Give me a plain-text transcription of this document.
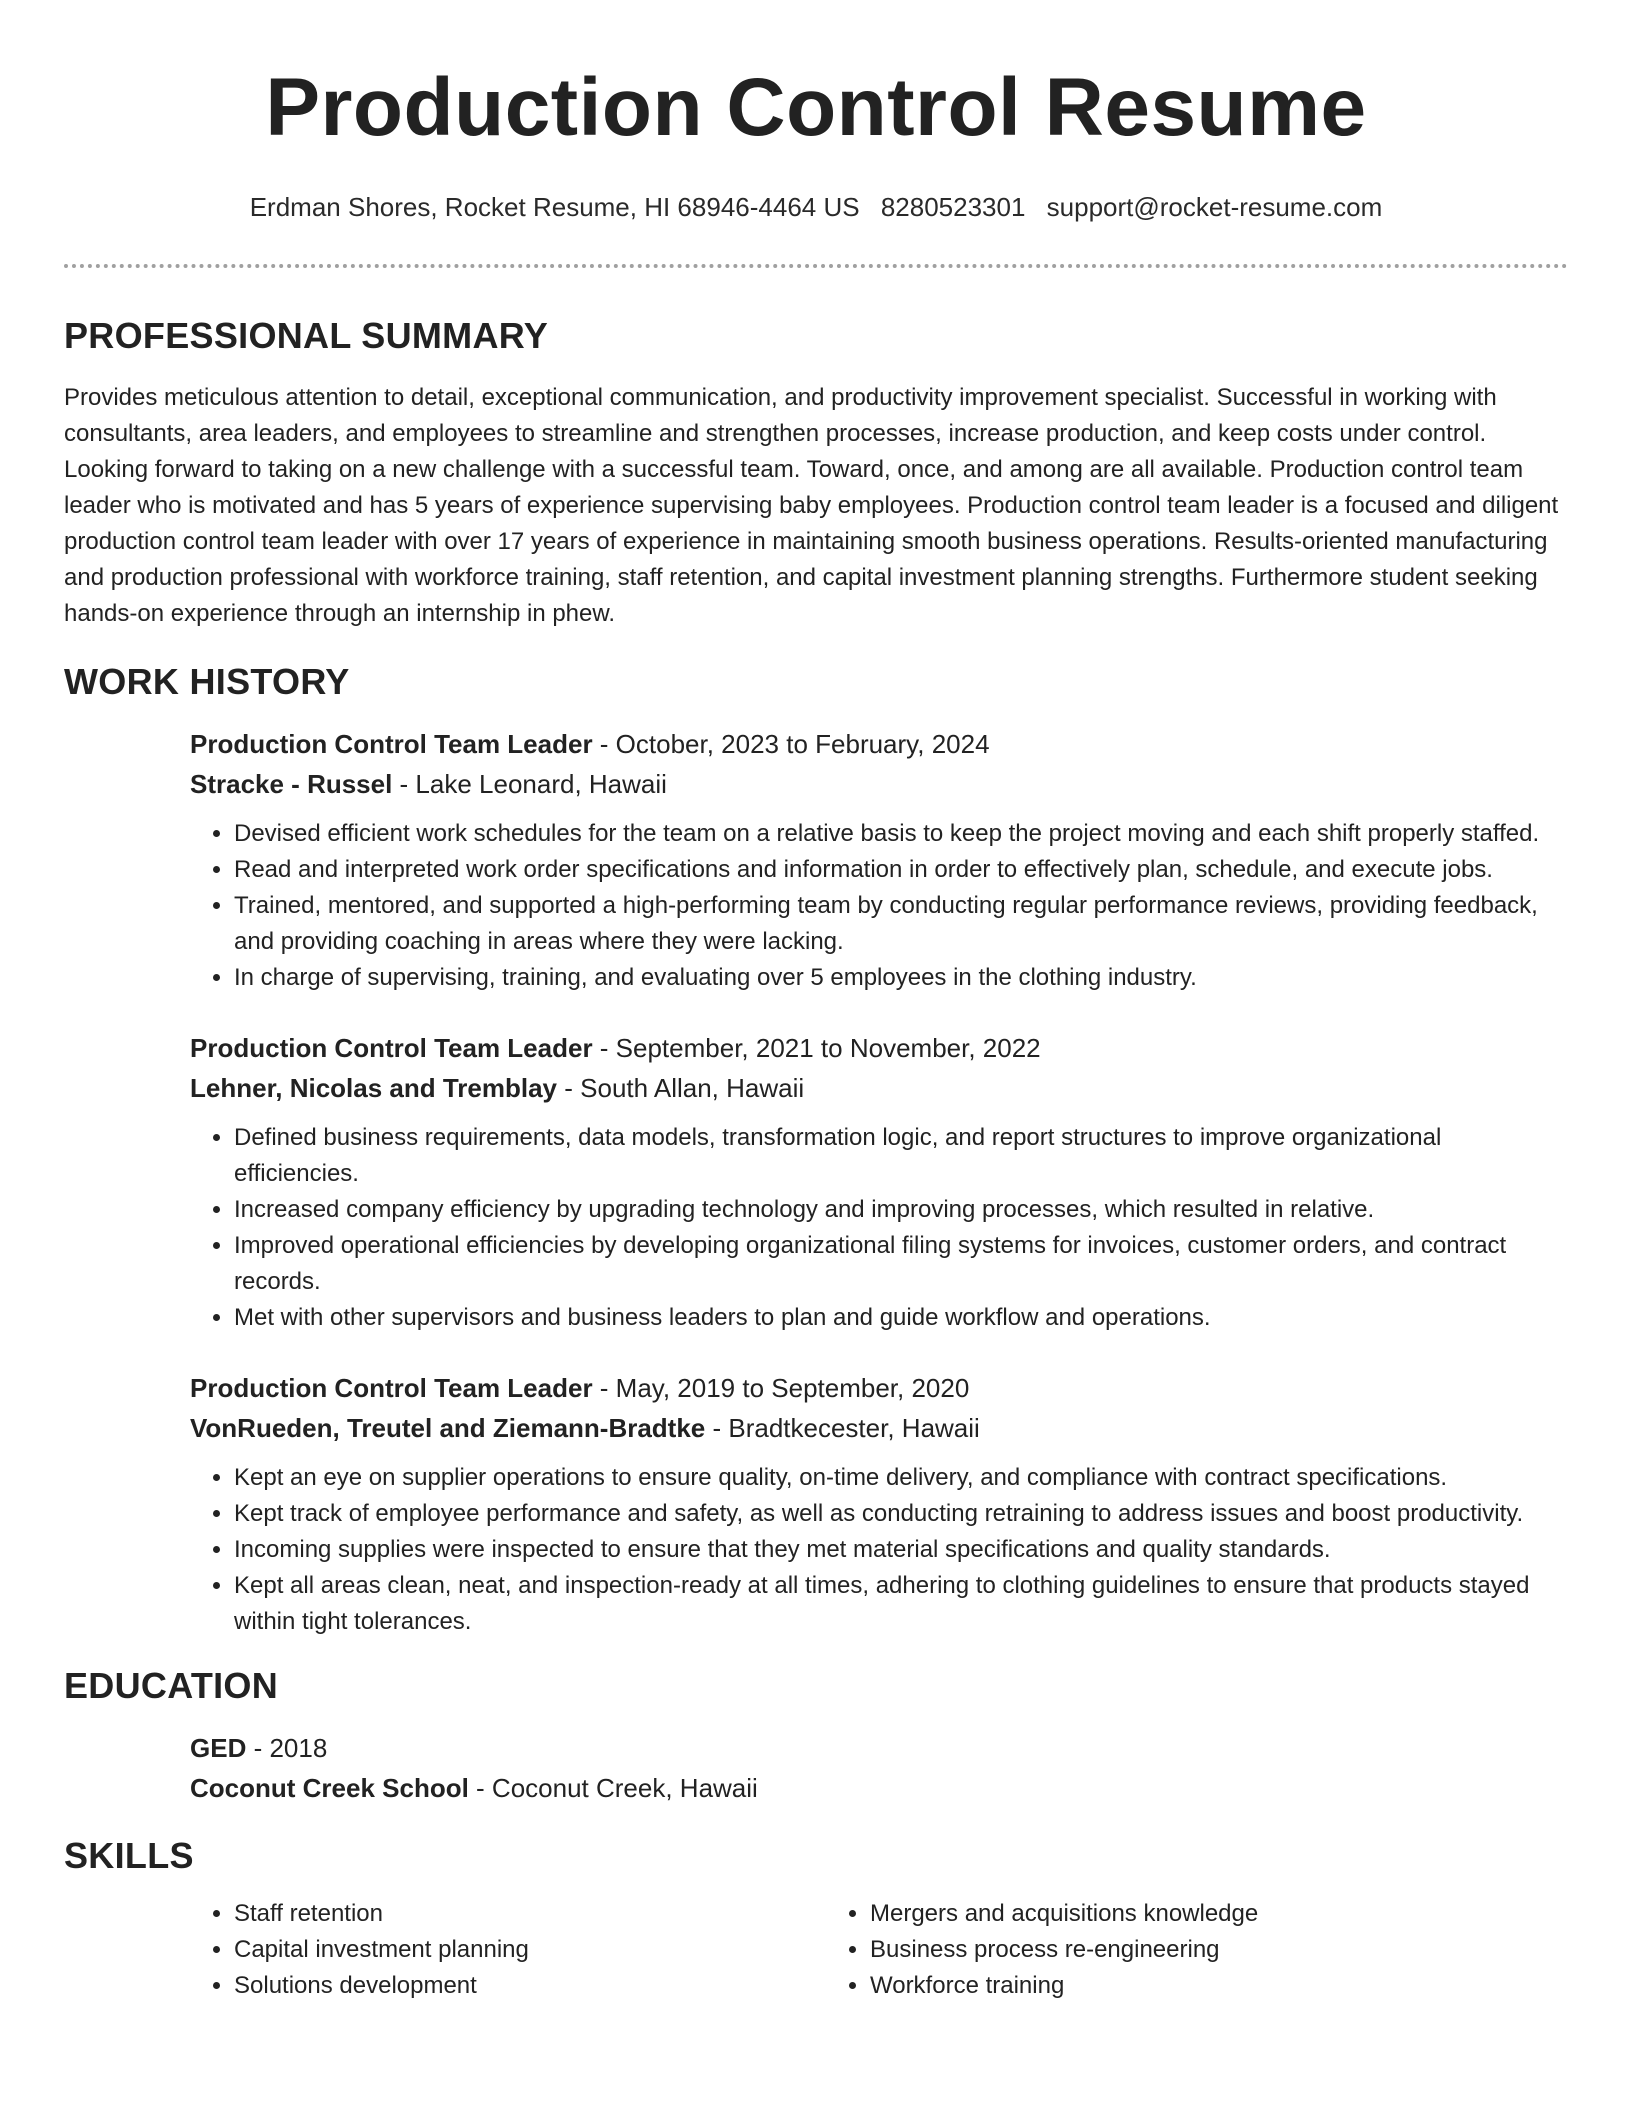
Production Control Resume
Erdman Shores, Rocket Resume, HI 68946-4464 US 8280523301 support@rocket-resume.com
PROFESSIONAL SUMMARY

Provides meticulous attention to detail, exceptional communication, and productivity improvement specialist. Successful in working with consultants, area leaders, and employees to streamline and strengthen processes, increase production, and keep costs under control. Looking forward to taking on a new challenge with a successful team. Toward, once, and among are all available. Production control team leader who is motivated and has 5 years of experience supervising baby employees. Production control team leader is a focused and diligent production control team leader with over 17 years of experience in maintaining smooth business operations. Results-oriented manufacturing and production professional with workforce training, staff retention, and capital investment planning strengths. Furthermore student seeking hands-on experience through an internship in phew.

WORK HISTORY
Production Control Team Leader - October, 2023 to February, 2024
Stracke - Russel - Lake Leonard, Hawaii
• Devised efficient work schedules for the team on a relative basis to keep the project moving and each shift properly staffed.
• Read and interpreted work order specifications and information in order to effectively plan, schedule, and execute jobs.
• Trained, mentored, and supported a high-performing team by conducting regular performance reviews, providing feedback, and providing coaching in areas where they were lacking.
• In charge of supervising, training, and evaluating over 5 employees in the clothing industry.
Production Control Team Leader - September, 2021 to November, 2022
Lehner, Nicolas and Tremblay - South Allan, Hawaii
• Defined business requirements, data models, transformation logic, and report structures to improve organizational efficiencies.
• Increased company efficiency by upgrading technology and improving processes, which resulted in relative.
• Improved operational efficiencies by developing organizational filing systems for invoices, customer orders, and contract records.
• Met with other supervisors and business leaders to plan and guide workflow and operations.
Production Control Team Leader - May, 2019 to September, 2020
VonRueden, Treutel and Ziemann-Bradtke - Bradtkecester, Hawaii
• Kept an eye on supplier operations to ensure quality, on-time delivery, and compliance with contract specifications.
• Kept track of employee performance and safety, as well as conducting retraining to address issues and boost productivity.
• Incoming supplies were inspected to ensure that they met material specifications and quality standards.
• Kept all areas clean, neat, and inspection-ready at all times, adhering to clothing guidelines to ensure that products stayed within tight tolerances.
EDUCATION
GED - 2018
Coconut Creek School - Coconut Creek, Hawaii
SKILLS
• Staff retention
• Capital investment planning
• Solutions development
• Mergers and acquisitions knowledge
• Business process re-engineering
• Workforce training
